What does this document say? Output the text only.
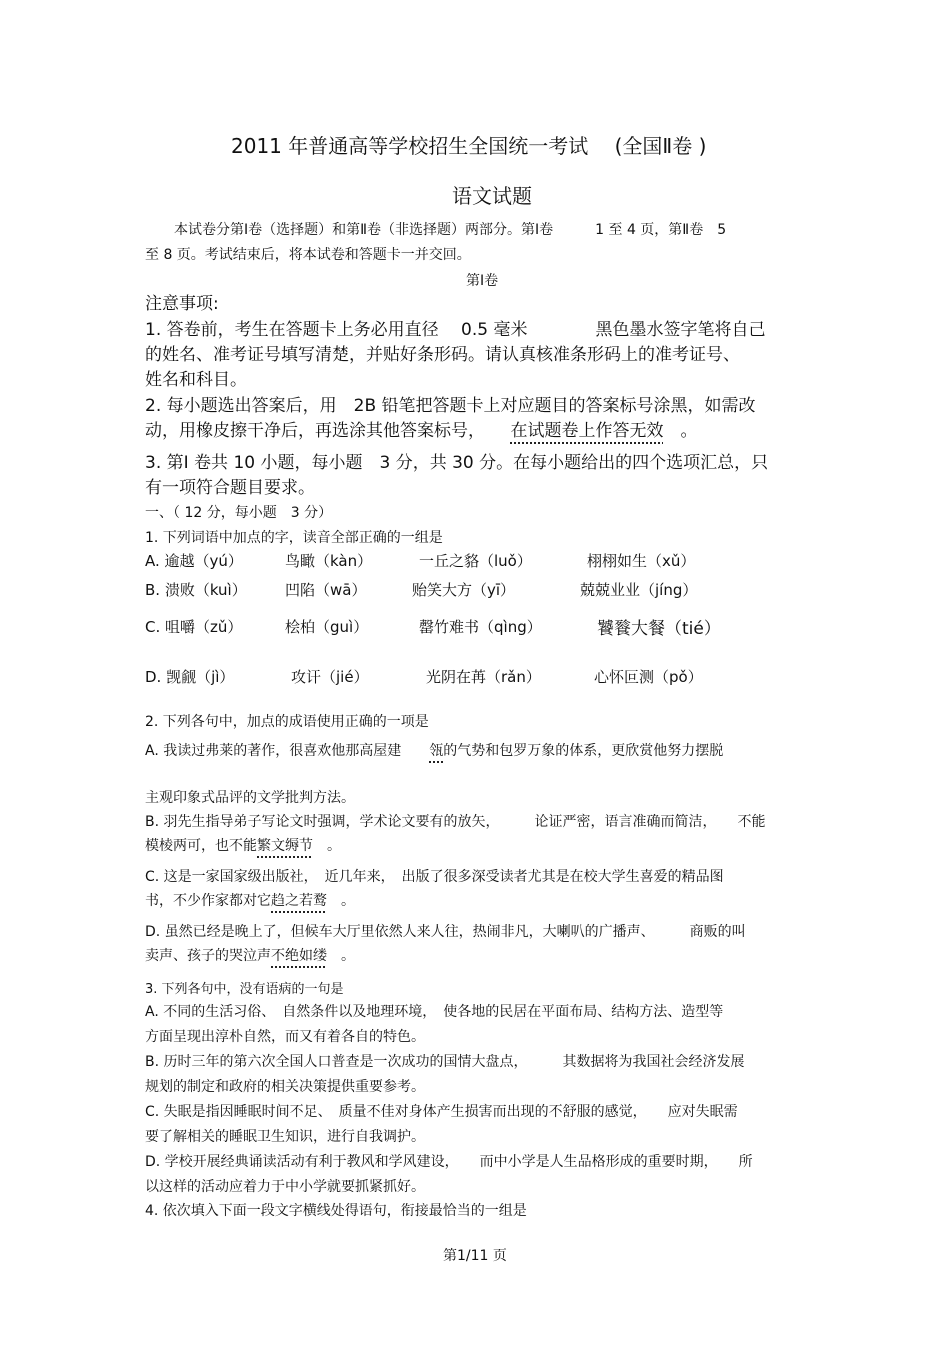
2011 年普通高等学校招生全国统一考试　 (全国Ⅱ卷 )
语文试题
本试卷分第Ⅰ卷（选择题）和第Ⅱ卷（非选择题）两部分。第Ⅰ卷　　　1 至 4 页，第Ⅱ卷　5
至 8 页。考试结束后，将本试卷和答题卡一并交回。
第Ⅰ卷
注意事项:
1. 答卷前，考生在答题卡上务必用直径　 0.5 毫米　　　　黑色墨水签字笔将自己
的姓名、准考证号填写清楚，并贴好条形码。请认真核准条形码上的准考证号、
姓名和科目。
2. 每小题选出答案后，用　2B 铅笔把答题卡上对应题目的答案标号涂黑，如需改
动，用橡皮擦干净后，再选涂其他答案标号，　　在试题卷上作答无效　。
3. 第Ⅰ 卷共 10 小题，每小题　3 分，共 30 分。在每小题给出的四个选项汇总，只
有一项符合题目要求。
一、（ 12 分，每小题　3 分）
1. 下列词语中加点的字，读音全部正确的一组是
A. 逾越（yú）	鸟瞰（kàn）	一丘之貉（luǒ）	栩栩如生（xǔ）
B. 溃败（kuì）	凹陷（wā）	贻笑大方（yī）	兢兢业业（jíng）
C. 咀嚼（zǔ）	桧柏（guì）	罄竹难书（qìng）	饕餮大餐（tié）
D. 觊觎（jì）	攻讦（jié）	光阴在苒（rǎn）	心怀叵测（pǒ）
2. 下列各句中，加点的成语使用正确的一项是
A. 我读过弗莱的著作，很喜欢他那高屋建　　瓴的气势和包罗万象的体系，更欣赏他努力摆脱
主观印象式品评的文学批判方法。
B. 羽先生指导弟子写论文时强调，学术论文要有的放矢，　　　论证严密，语言准确而简洁，　　不能
模棱两可，也不能繁文缛节　。
C. 这是一家国家级出版社，　近几年来，　出版了很多深受读者尤其是在校大学生喜爱的精品图
书，不少作家都对它趋之若鹜　。
D. 虽然已经是晚上了，但候车大厅里依然人来人往，热闹非凡，大喇叭的广播声、　　　商贩的叫
卖声、孩子的哭泣声不绝如缕　。
3. 下列各句中，没有语病的一句是
A. 不同的生活习俗、　自然条件以及地理环境，　使各地的民居在平面布局、结构方法、造型等
方面呈现出淳朴自然，而又有着各自的特色。
B. 历时三年的第六次全国人口普查是一次成功的国情大盘点，　　　其数据将为我国社会经济发展
规划的制定和政府的相关决策提供重要参考。
C. 失眠是指因睡眠时间不足、　质量不佳对身体产生损害而出现的不舒服的感觉，　　应对失眠需
要了解相关的睡眠卫生知识，进行自我调护。
D. 学校开展经典诵读活动有利于教风和学风建设，　　而中小学是人生品格形成的重要时期，　　所
以这样的活动应着力于中小学就要抓紧抓好。
4. 依次填入下面一段文字横线处得语句，衔接最恰当的一组是
第1/11 页
